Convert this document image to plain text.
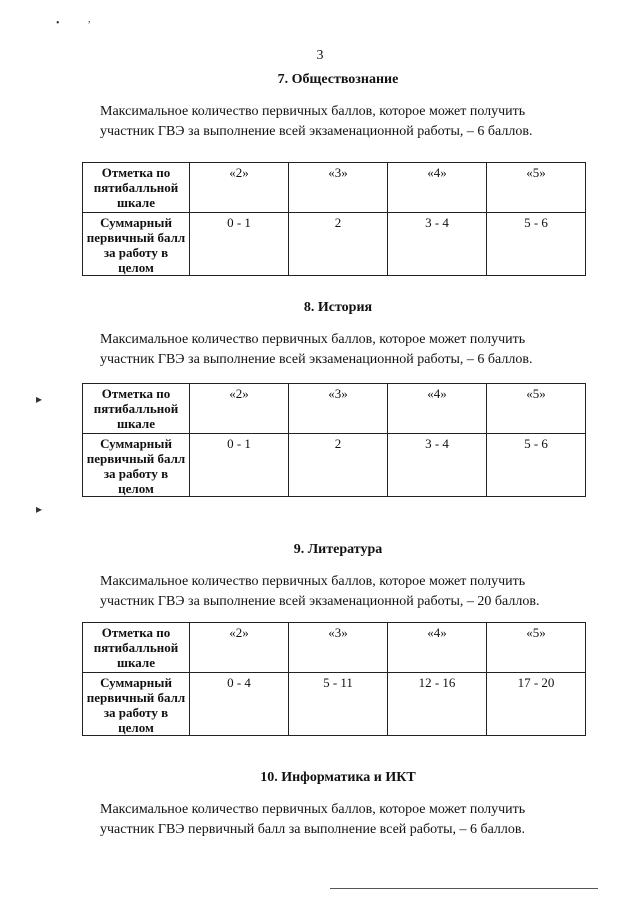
3
•	,
▸
▸
7. Обществознание

Максимальное количество первичных баллов, которое может получить
участник ГВЭ за выполнение всей экзаменационной работы, – 6 баллов.

Отметка по пятибалльной шкале	«2»	«3»	«4»	«5»
Суммарный первичный балл за работу в целом	0 - 1	2	3 - 4	5 - 6
8. История

Максимальное количество первичных баллов, которое может получить
участник ГВЭ за выполнение всей экзаменационной работы, – 6 баллов.

Отметка по пятибалльной шкале	«2»	«3»	«4»	«5»
Суммарный первичный балл за работу в целом	0 - 1	2	3 - 4	5 - 6
9. Литература

Максимальное количество первичных баллов, которое может получить
участник ГВЭ за выполнение всей экзаменационной работы, – 20 баллов.

Отметка по пятибалльной шкале	«2»	«3»	«4»	«5»
Суммарный первичный балл за работу в целом	0 - 4	5 - 11	12 - 16	17 - 20
10. Информатика и ИКТ

Максимальное количество первичных баллов, которое может получить
участник ГВЭ первичный балл за выполнение всей работы, – 6 баллов.
